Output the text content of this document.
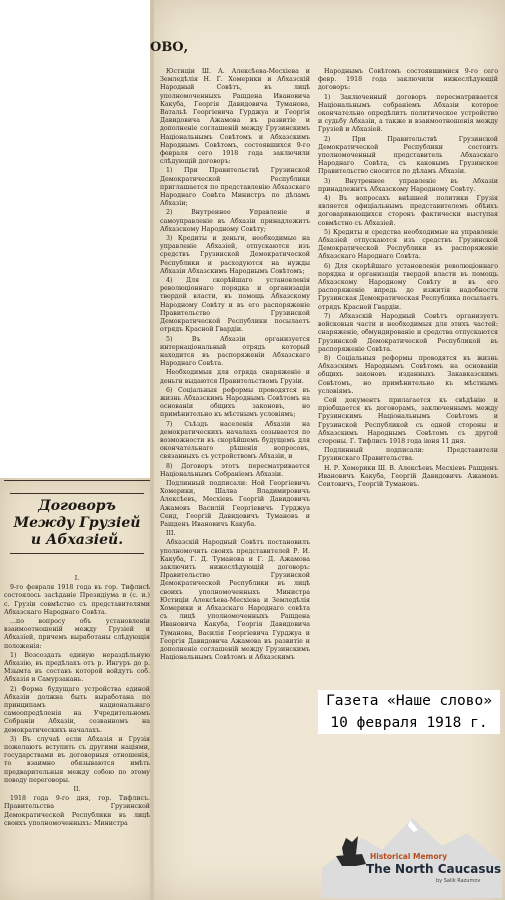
ОВО,

Юстицiи Ш. А. Алексѣева-Месхiева и Земледѣлiя Н. Г. Хомерики и Абхазскiй Народный Совѣтъ, въ лицѣ уполномоченныхъ Рашдена Ивановича Какуба, Георгiя Давидовича Туманова, Ватальѣ Георгiевича Гурджуа и Георгiя Давидовича Ажамова въ развитiе и дополненiе соглашенiй между Грузинскимъ Нацiональнымъ Совѣтомъ и Абхазскимъ Народнымъ Совѣтомъ, состоявшихся 9-го февраля сего 1918 года заключили слѣдующiй договоръ:

1) При Правительствѣ Грузинской Демократической Республики приглашается по представленiю Абхазскаго Народнаго Совѣта Министръ по дѣламъ Абхазiи;

2) Внутреннее Управленiе и самоуправленiе въ Абхазiи принадлежитъ Абхазскому Народному Совѣту;

3) Кредиты и деньги, необходимые на управленiе Абхазiей, отпускаются изъ средствъ Грузинской Демократической Республики и расходуются на нужды Абхазiи Абхазскимъ Народнымъ Совѣтомъ;

4) Для скорѣйшаго установленiя революцiоннаго порядка и организацiи твердой власти, въ помощь Абхазскому Народному Совѣту и въ его распоряженiе Правительство Грузинской Демократической Республики посылаетъ отрядъ Красной Гвардiи.

5) Въ Абхазiи организуется интернацiональный отрядъ который находится въ распоряженiи Абхазскаго Народнаго Совѣта.

Необходимыя для отряда снаряженiе и деньги выдаются Правительствомъ Грузiи.

6) Соцiальныя реформы проводятся въ жизнь Абхазскимъ Народнымъ Совѣтомъ на основанiи общихъ законовъ, но примѣнительно къ мѣстнымъ условiямъ;

7) Съѣздъ населенiя Абхазiи на демократическихъ началахъ созывается по возможности въ скорѣйшемъ будущемъ для окончательнаго рѣшенiя вопросовъ, связанныхъ съ устройствомъ Абхазiи, и

8) Договоръ этотъ пересматривается Нацiональнымъ Собранiемъ Абхазiи.

Подлинный подписали: Ной Георгiевичъ Хомерики, Шалва Владимировичъ Алексѣевъ, Месхiевъ Георгiй Давидовичъ Ажамовъ Василiй Георгiевичъ Гурджуа Сеид, Георгiй Давидовичъ Тумановъ и Рашденъ Ивановичъ Какуба.

III.

Абхазскiй Народный Совѣтъ постановилъ уполномочить своихъ представителей Р. И. Какуба, Г. Д. Туманова и Г. Д. Ажамова заключить нижеслѣдующiй договоръ: Правительство Грузинской Демократической Республики въ лицѣ своихъ уполномоченныхъ Министра Юстицiи Алексѣева-Месхiева и Земледѣлiя Хомерики и Абхазскаго Народнаго совѣта съ лицѣ уполномоченныхъ Рашдена Ивановича Какуба, Георгiя Давидовича Туманова, Василiя Георгiевича Гурджуа и Георгiя Давидовича Ажамова въ развитiе и дополненiе соглашенiй между Грузинскимъ Нацiональнымъ Совѣтомъ и Абхазскимъ

Народнымъ Совѣтомъ состоявшимися 9-го сего февр. 1918 года заключили нижеслѣдующiй договоръ:

1) Заключенный договоръ пересматривается Нацiональнымъ собранiемъ Абхазiи которое окончательно опредѣлитъ политическое устройство и судьбу Абхазiи, а также и взаимоотношенiя между Грузiей и Абхазiей.

2) При Правительствѣ Грузинской Демократической Республики состоитъ уполномоченный представитель Абхазскаго Народнаго Совѣта, съ каковымъ Грузинское Правительство сносится по дѣламъ Абхазiи.

3) Внутреннее управленiе въ Абхазiи принадлежитъ Абхазскому Народному Совѣту.

4) Въ вопросахъ внѣшней политики Грузiя является офицiальнымъ представителемъ обѣихъ договаривающихся сторонъ фактически выступая совмѣстно съ Абхазiей.

5) Кредиты и средства необходимые на управленiе Абхазiей отпускаются изъ средствъ Грузинской Демократической Республики въ распоряженiе Абхазскаго Народнаго Совѣта.

6) Для скорѣйшаго установленiя революцiоннаго порядка и организацiи твердой власти въ помощь Абхазскому Народному Совѣту и въ его распоряженiе впредь до изжитiя надобности Грузинская Демократическая Республика посылаетъ отрядъ Красной Гвардiи.

7) Абхазскiй Народный Совѣтъ организуетъ войсковыя части и необходимыя для этихъ частей: снаряженiе, обмундированiе и средства отпускаются Грузинской Демократической Республикой въ распоряженiе Совѣта.

8) Соцiальныя реформы проводятся въ жизнь Абхазскимъ Народнымъ Совѣтомъ на основанiи общихъ законовъ изданныхъ Закавказскимъ Совѣтомъ, но примѣнительно къ мѣстнымъ условiямъ.

Сей документъ прилагается къ свѣдѣнiю и прiобщается къ договорамъ, заключеннымъ между Грузинскимъ Нацiональнымъ Совѣтомъ и Грузинской Республикой съ одной стороны и Абхазскимъ Народнымъ Совѣтомъ съ другой стороны. Г. Тифлисъ 1918 года iюня 11 дня.

Подлинный подписали: Представители Грузинскаго Правительства.

Н. Р. Хомерики Ш. В. Алексѣевъ Месхiевъ Рашденъ Ивановичъ Какуба, Георгiй Давидовичъ Ажамовъ Сеитовичъ, Георгiй Тумановъ.

Договоръ Между Грузiей и Абхазiей.

I.

9-го февраля 1918 года въ гор. Тифлисѣ состоялось засѣданiе Президiума и (с. и.) с. Грузiи совмѣстно съ представителями Абхазскаго Народнаго Совѣта.

...по вопросу объ установленiи взаимоотношенiй между Грузiей и Абхазiей, причемъ выработаны слѣдующiя положенiя:

1) Возсоздать единую нераздѣльную Абхазiю, въ предѣлахъ отъ р. Ингуръ до р. Мзымта въ составъ которой войдутъ соб. Абхазiя и Самурзакань.

2) Форма будущаго устройства единой Абхазiи должна быть выработана по принципамъ национальнаго самоопредѣленiя на Учредительномъ Собранiи Абхазiи, созванномъ на демократическихъ началахъ.

3) Въ случаѣ если Абхазiя и Грузiя пожелаютъ вступить съ другими нацiями, государствами въ договорныя отношенiя, то взаимно обязываются имѣть предварительныя между собою по этому поводу переговоры.

II.

1918 года 9-го дня, гор. Тифлисъ. Правительства Грузинской Демократической Республики въ лицѣ своихъ уполномоченныхъ: Министра

Газета «Наше слово»
10 февраля 1918 г.
Historical Memory
The North Caucasus
by Salik Razumov
